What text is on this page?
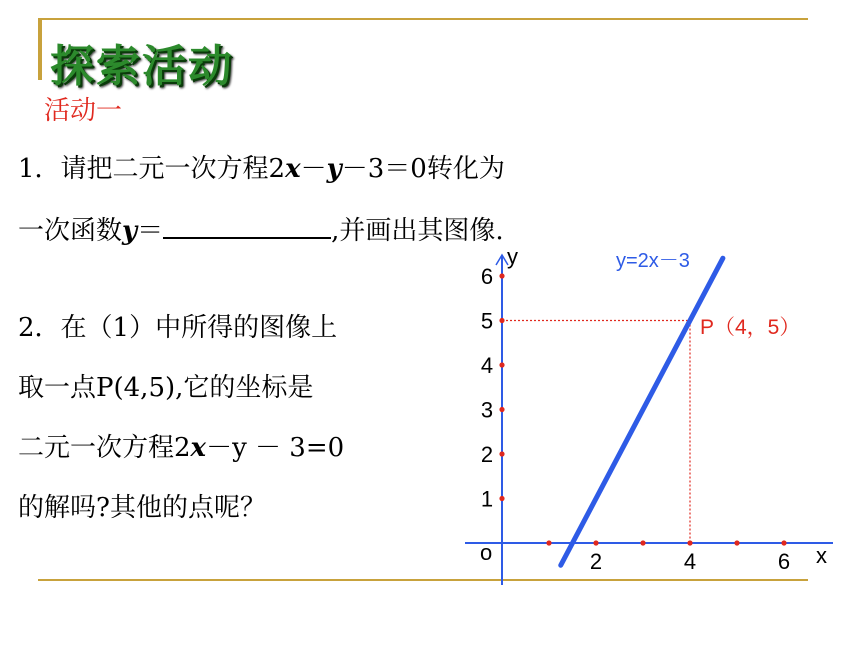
探索活动
活动一
1．请把二元一次方程2x－y－3＝0转化为
一次函数y＝	,并画出其图像.
2．在（1）中所得的图像上
取一点P(4,5),它的坐标是
二元一次方程2x－y － 3=0
的解吗?其他的点呢？
y
x
o	2	4	6
1
2
3
4
5
6
y=2x－3
P（4，5）
